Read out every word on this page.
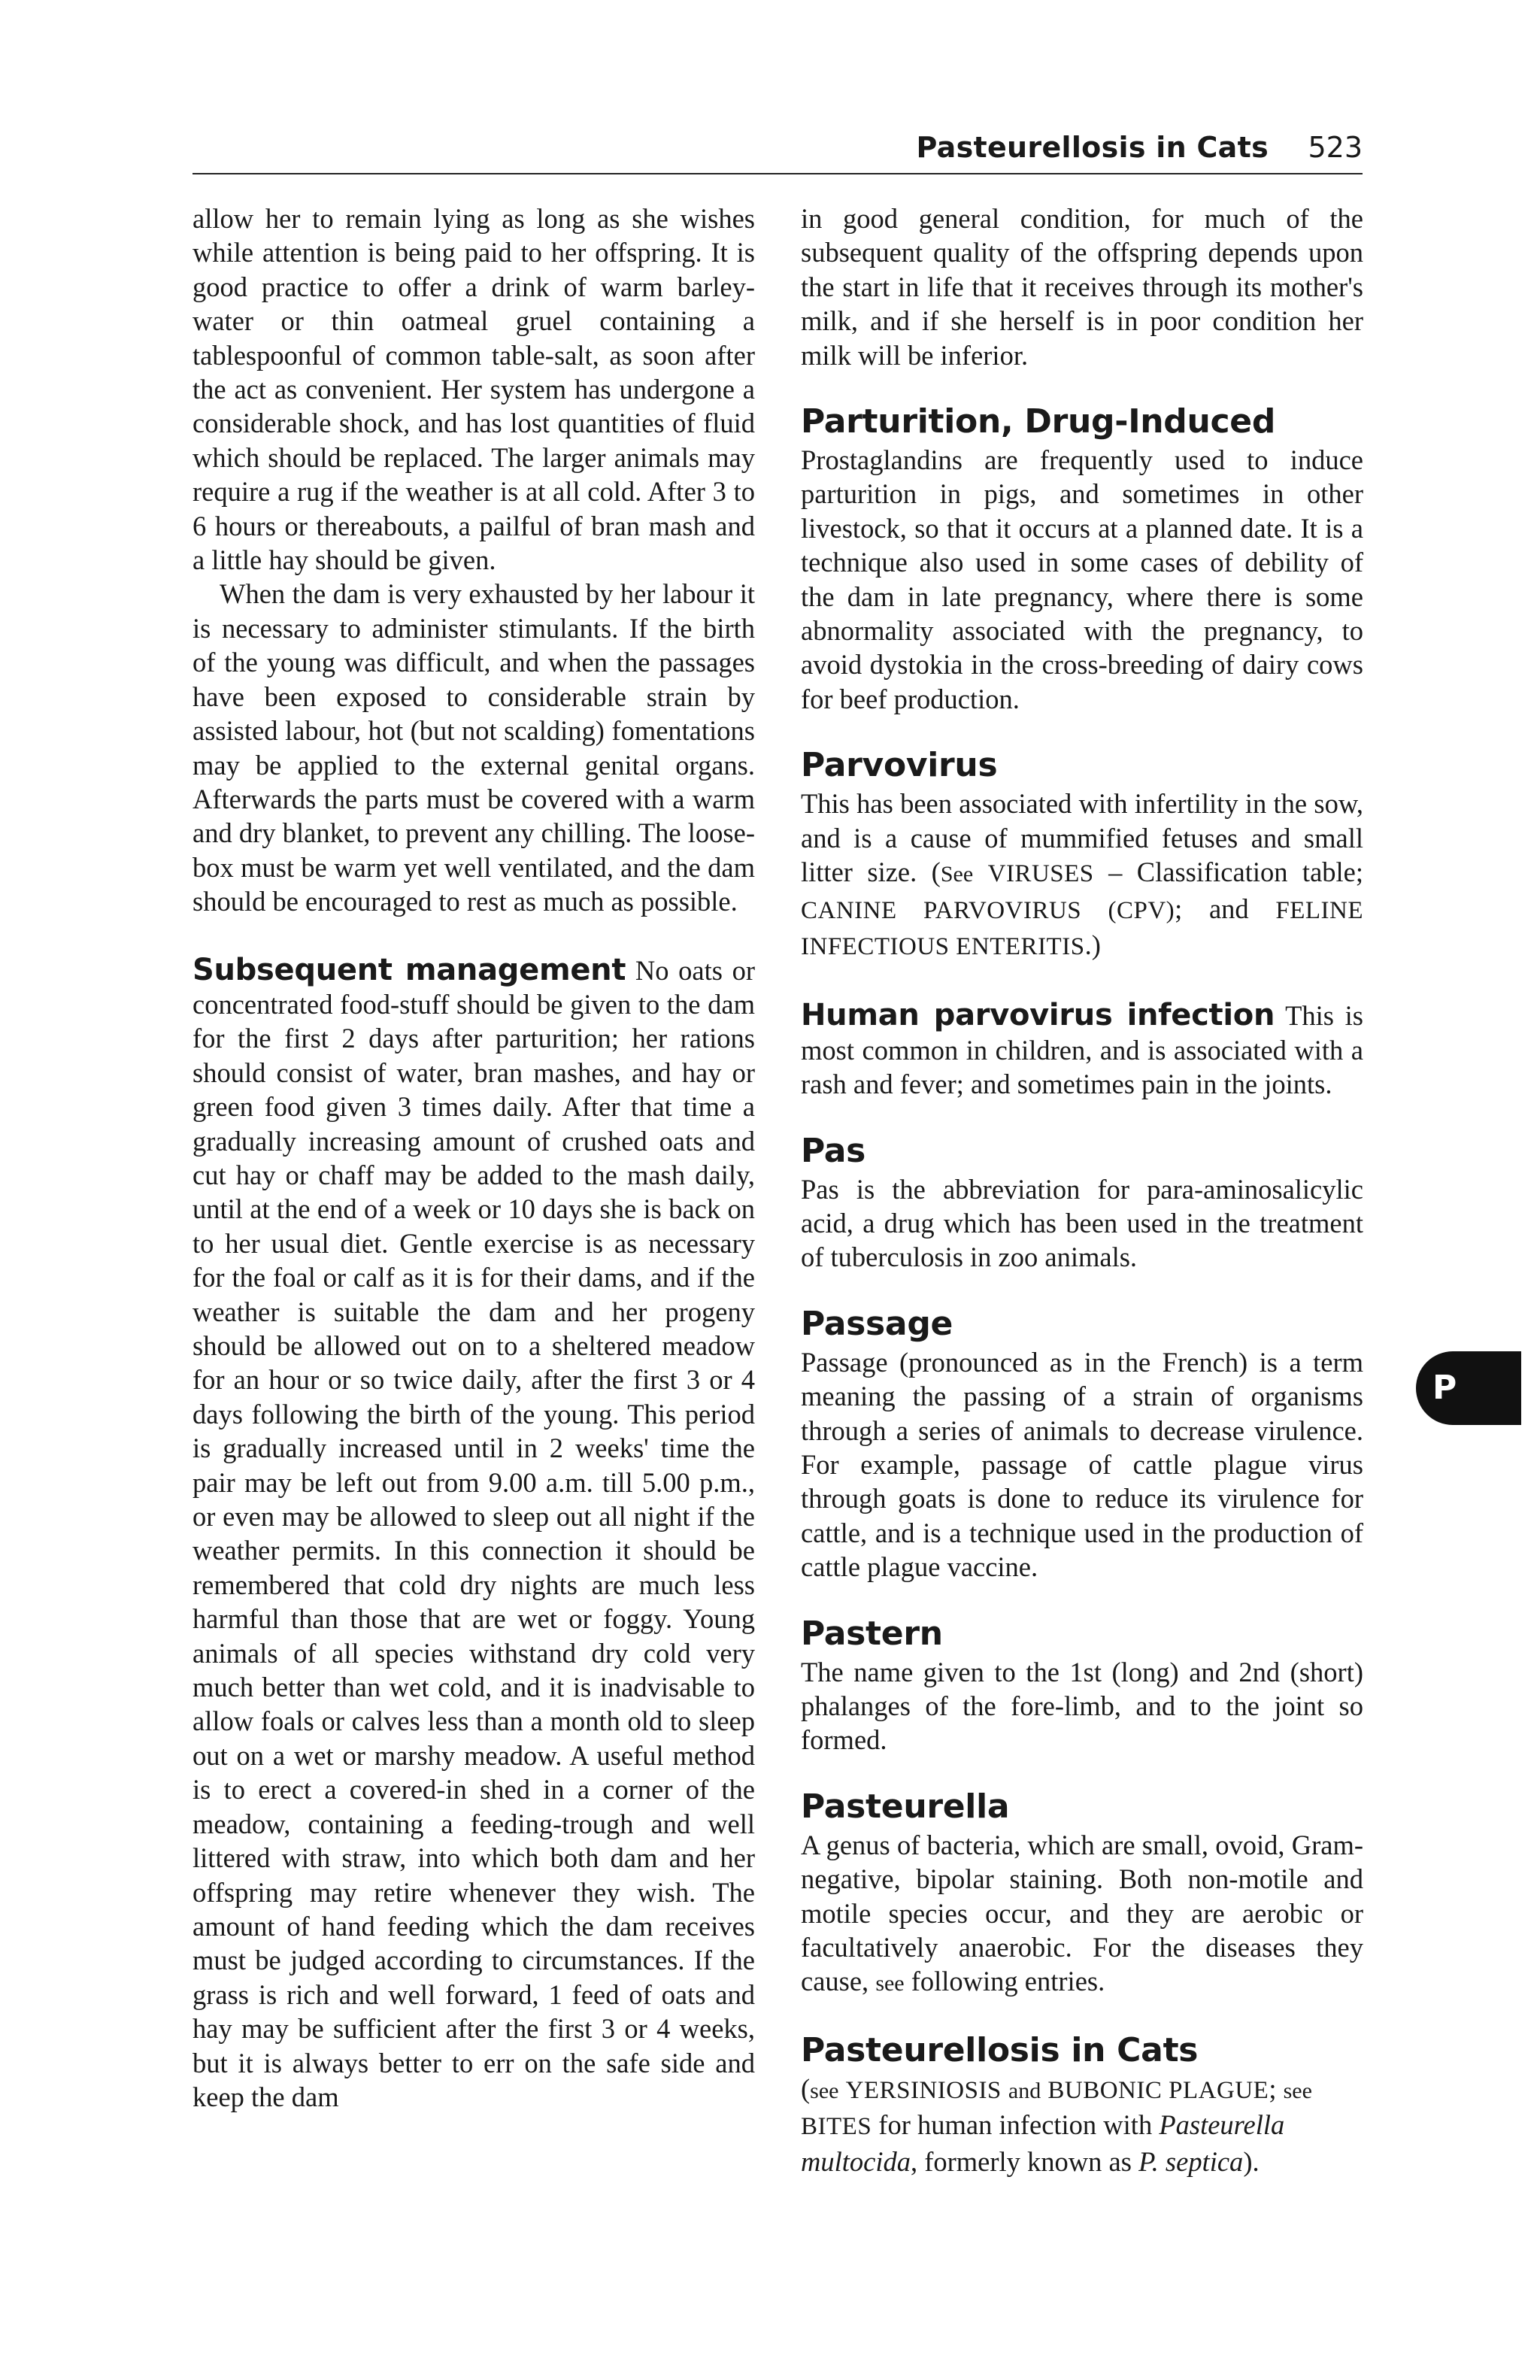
Pasteurellosis in Cats 523

allow her to remain lying as long as she wishes while attention is being paid to her offspring. It is good practice to offer a drink of warm barley-water or thin oatmeal gruel containing a tablespoonful of common table-salt, as soon after the act as convenient. Her system has undergone a considerable shock, and has lost quantities of fluid which should be replaced. The larger animals may require a rug if the weather is at all cold. After 3 to 6 hours or thereabouts, a pailful of bran mash and a little hay should be given.

When the dam is very exhausted by her labour it is necessary to administer stimulants. If the birth of the young was difficult, and when the passages have been exposed to considerable strain by assisted labour, hot (but not scalding) fomentations may be applied to the external genital organs. Afterwards the parts must be covered with a warm and dry blanket, to prevent any chilling. The loose-box must be warm yet well ventilated, and the dam should be encouraged to rest as much as possible.

Subsequent management No oats or concentrated food-stuff should be given to the dam for the first 2 days after parturition; her rations should consist of water, bran mashes, and hay or green food given 3 times daily. After that time a gradually increasing amount of crushed oats and cut hay or chaff may be added to the mash daily, until at the end of a week or 10 days she is back on to her usual diet. Gentle exercise is as necessary for the foal or calf as it is for their dams, and if the weather is suitable the dam and her progeny should be allowed out on to a sheltered meadow for an hour or so twice daily, after the first 3 or 4 days following the birth of the young. This period is gradually increased until in 2 weeks' time the pair may be left out from 9.00 a.m. till 5.00 p.m., or even may be allowed to sleep out all night if the weather permits. In this connection it should be remembered that cold dry nights are much less harmful than those that are wet or foggy. Young animals of all species withstand dry cold very much better than wet cold, and it is inadvisable to allow foals or calves less than a month old to sleep out on a wet or marshy meadow. A useful method is to erect a covered-in shed in a corner of the meadow, containing a feeding-trough and well littered with straw, into which both dam and her offspring may retire whenever they wish. The amount of hand feeding which the dam receives must be judged according to circumstances. If the grass is rich and well forward, 1 feed of oats and hay may be sufficient after the first 3 or 4 weeks, but it is always better to err on the safe side and keep the dam

in good general condition, for much of the subsequent quality of the offspring depends upon the start in life that it receives through its mother's milk, and if she herself is in poor condition her milk will be inferior.

Parturition, Drug-Induced

Prostaglandins are frequently used to induce parturition in pigs, and sometimes in other livestock, so that it occurs at a planned date. It is a technique also used in some cases of debility of the dam in late pregnancy, where there is some abnormality associated with the pregnancy, to avoid dystokia in the cross-breeding of dairy cows for beef production.

Parvovirus

This has been associated with infertility in the sow, and is a cause of mummified fetuses and small litter size. (See VIRUSES – Classification table; CANINE PARVOVIRUS (CPV); and FELINE INFECTIOUS ENTERITIS.)

Human parvovirus infection This is most common in children, and is associated with a rash and fever; and sometimes pain in the joints.

Pas

Pas is the abbreviation for para-aminosalicylic acid, a drug which has been used in the treatment of tuberculosis in zoo animals.

Passage

Passage (pronounced as in the French) is a term meaning the passing of a strain of organisms through a series of animals to decrease virulence. For example, passage of cattle plague virus through goats is done to reduce its virulence for cattle, and is a technique used in the production of cattle plague vaccine.

Pastern

The name given to the 1st (long) and 2nd (short) phalanges of the fore-limb, and to the joint so formed.

Pasteurella

A genus of bacteria, which are small, ovoid, Gram-negative, bipolar staining. Both non-motile and motile species occur, and they are aerobic or facultatively anaerobic. For the diseases they cause, see following entries.

Pasteurellosis in Cats

(see YERSINIOSIS and BUBONIC PLAGUE; see BITES for human infection with Pasteurella multocida, formerly known as P. septica).

P
